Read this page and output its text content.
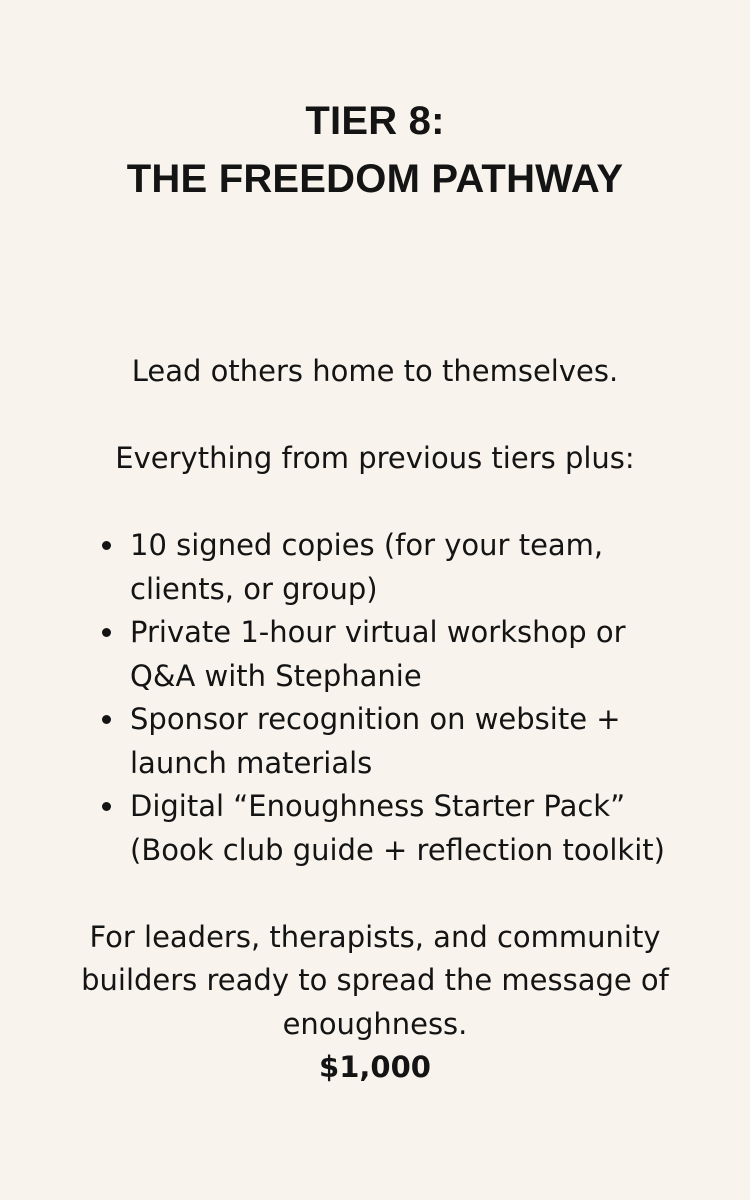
TIER 8:
THE FREEDOM PATHWAY

Lead others home to themselves.

Everything from previous tiers plus:

10 signed copies (for your team, clients, or group)
Private 1-hour virtual workshop or Q&A with Stephanie
Sponsor recognition on website + launch materials
Digital “Enoughness Starter Pack” (Book club guide + reflection toolkit)

For leaders, therapists, and community builders ready to spread the message of enoughness.

$1,000
